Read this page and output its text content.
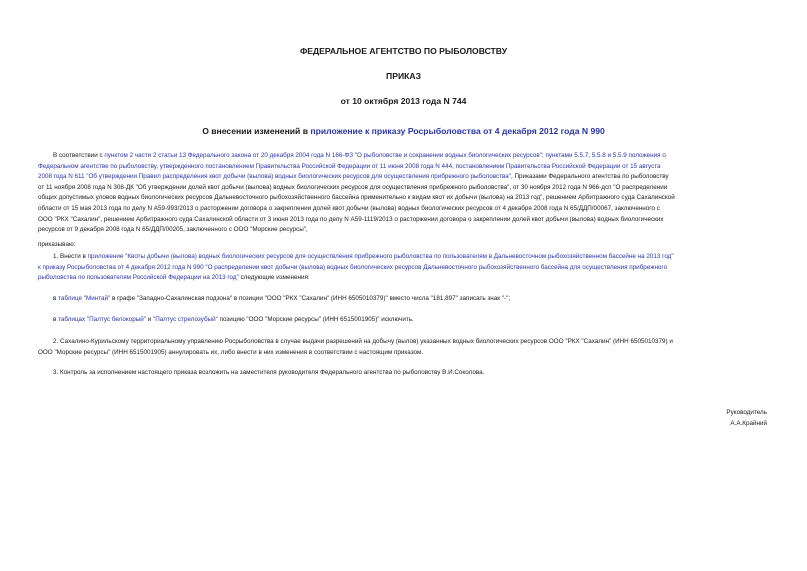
ФЕДЕРАЛЬНОЕ АГЕНТСТВО ПО РЫБОЛОВСТВУ
ПРИКАЗ
от 10 октября 2013 года N 744
О внесении изменений в приложение к приказу Росрыболовства от 4 декабря 2012 года N 990
В соответствии с пунктом 2 части 2 статьи 13 Федерального закона от 20 декабря 2004 года N 166-ФЗ "О рыболовстве и сохранении водных биологических ресурсов"; пунктами 5.5.7, 5.5.8 и 5.5.9 положения о
Федеральном агентстве по рыболовству, утвержденного постановлением Правительства Российской Федерации от 11 июня 2008 года N 444, постановлением Правительства Российской Федерации от 15 августа
2008 года N 611 "Об утверждении Правил распределения квот добычи (вылова) водных биологических ресурсов для осуществления прибрежного рыболовства", Приказами Федерального агентства по рыболовству
от 11 ноября 2008 года N 308-ДК "Об утверждении долей квот добычи (вылова) водных биологических ресурсов для осуществления прибрежного рыболовства", от 30 ноября 2012 года N 966-дсп "О распределении
общих допустимых уловов водных биологических ресурсов Дальневосточного рыбохозяйственного бассейна применительно к видам квот их добычи (вылова) на 2013 год", решением Арбитражного суда Сахалинской
области от 15 мая 2013 года по делу N А59-993/2013 о расторжении договора о закреплении долей квот добычи (вылова) водных биологических ресурсов от 4 декабря 2008 года N 65/ДДП/00067, заключенного с
ООО "РКХ "Сахалин", решением Арбитражного суда Сахалинской области от 3 июня 2013 года по делу N А59-1119/2013 о расторжении договора о закреплении долей квот добычи (вылова) водных биологических
ресурсов от 9 декабря 2008 года N 65/ДДП/00205, заключенного с ООО "Морские ресурсы",
приказываю:
1. Внести в приложение "Квоты добычи (вылова) водных биологических ресурсов для осуществления прибрежного рыболовства по пользователям в Дальневосточном рыбохозяйственном бассейне на 2013 год"
к приказу Росрыболовства от 4 декабря 2012 года N 990 "О распределении квот добычи (вылова) водных биологических ресурсов Дальневосточного рыбохозяйственного бассейна для осуществления прибрежного
рыболовства по пользователям Российской Федерации на 2013 год" следующие изменения:
в таблице "Минтай" в графе "Западно-Сахалинская подзона" в позиции "ООО "РКХ "Сахалин" (ИНН 6505010379)" вместо числа "181,897" записать знак "-";
в таблицах "Палтус белокорый" и "Палтус стрелозубый" позицию "ООО "Морские ресурсы" (ИНН 6515001905)" исключить.
2. Сахалино-Курильскому территориальному управлению Росрыболовства в случае выдачи разрешений на добычу (вылов) указанных водных биологических ресурсов ООО "РКХ "Сахалин" (ИНН 6505010379) и
ООО "Морские ресурсы" (ИНН 6515001905) аннулировать их, либо внести в них изменения в соответствии с настоящим приказом.
3. Контроль за исполнением настоящего приказа возложить на заместителя руководителя Федерального агентства по рыболовству В.И.Соколова.
Руководитель
А.А.Крайний
